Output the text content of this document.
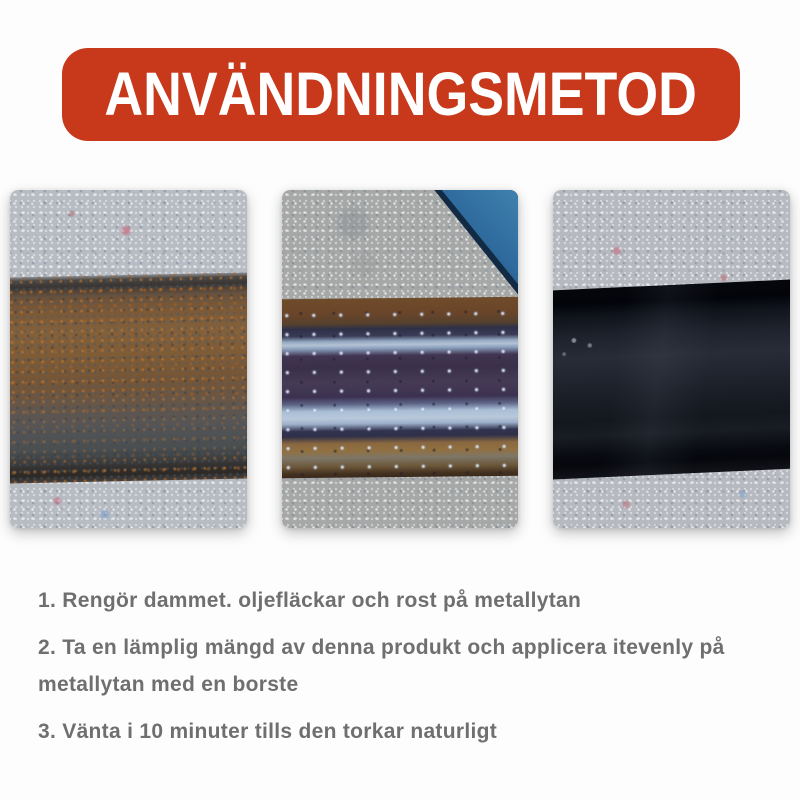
ANVÄNDNINGSMETOD

1. Rengör dammet. oljefläckar och rost på metallytan

2. Ta en lämplig mängd av denna produkt och applicera itevenly på metallytan med en borste

3. Vänta i 10 minuter tills den torkar naturligt
